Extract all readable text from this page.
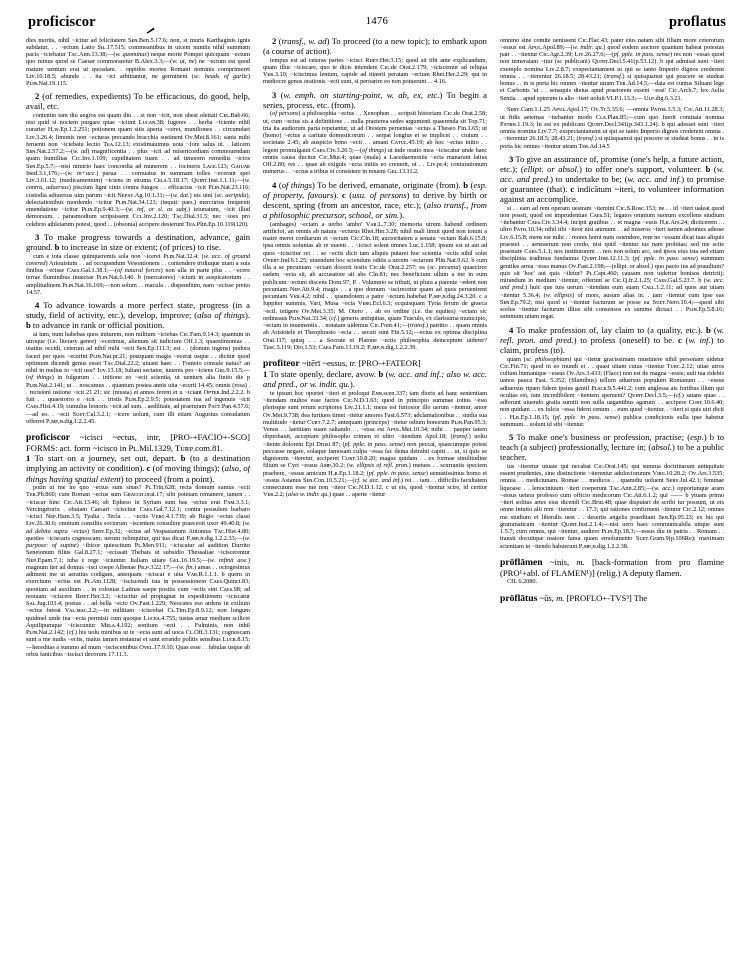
proficiscor	1476	proflatus
dies mortis, nihil ~icitur ad felicitatem Sᴇɴ.Ben.5.17.6; non, si muris Karthaginis ignis subdatur, . . ~ectum Latio Sɪʟ.17.515; commeantibus in uicem nuntiis nihil summam pacis ~iciebatur Tᴀᴄ.Ann.13.38;—(w. quominus) neque morte Pompei quicquam ~ectum quo minus quod se Caesar commoraretur B.Alex.3.3;—(w. ut, ne) ne ~ectum est quod mature uentum erat ut quosdam. . oppidos mortes Romani nominis comprimeret Lɪᴠ.10.18.5; abunde . . ita ~ici arbitrantur, ne germinent (sc. heads of garlic) Pʟɪɴ.Nat.19.115.
2 (of remedies, expedients) To be efficacious, do good, help, avail, etc.
contentio tam diu aegros est quam diu . . si non ~icit, non obest oleitati Cᴇʟ.Bab.66; nisi quid si noctem purgare quae ~iciunt Lᴜᴄᴀɴ.38; fugeres . . herba ~iciente nihil curarier Hₒᴡ.Ep.1.2.251; potionem quam sitis aperta ~ceret, muniliones . . circumdari Lɪᴠ.3.26.4; limonis non ~ecturas precando bracchia sustinent Oᴠ.Met.8.161; sanis mihi feruenti non ~iciebatu lectio Tᴇᴀ.12.13; existimauimus uota ~fore salus ui. . laticem Sᴇɴ.Nat.2.57.2;—(w. ad) magnificentia . . plus ~icit ad misericordiam commouendam quam humilitas Cɪᴄ.Inv.1.109; cupiditatem tuam . . ad timorem remediis ~ictos Sᴇɴ.Ep.5.7;—nisi nimirio haec concordia ad munerem . . iocineris Lᴀᴄᴇ.123; Gᴀɪᴜᴀʀ Ined.3.1,176;—(w. in+acc.) parua . . cornuatus in summam tolles ~ecerant spei Lɪᴠ.3.61.12; (medicamentum) ~iciens in struma Cᴇʟᴀ.5.18.17; Qᴜɪɴᴛ.Inst.1.1.11;—(w. contra, aduersus) piscium ligni cinis contra fungos . . efficacius ~icit Pʟɪɴ.Nat.23.116; custodia adiuersus uim parum ~icit Nᴇᴘᴀᴛ.Ag.10.1.31;—(w. dat.) uis uini (sc. aeripida), delectationibus mordendo ~icitur Pʟɪɴ.Nat.34.123; (inquit: pars.) mercurius frequenti emendatione ~icitur Pʟɪɴ.Ep.9.40.3;—(w. inf, or sl. as subj.) ieiunatum, ~icit illud demorsum. . parasmodium scripsissent Cᴄʟ.Inv.2.120; Tᴀᴄ.Dial.31.5; nec ~ioes pro celebrio athletarum potesi, quod . . (obsonia) accipere desierunt Tᴇᴀ.Plin.Ep.10.119(120).
3 To make progress towards a destination, advance, gain ground. b to increase in size or extent; (of prices) to rise.
cum e tota classe quinqueremis sola non ~iceret Pʟɪɴ.Nat.32.4; (w. acc. of ground covered) Ariouistum . . ad occupandum Vesontionem . . contendere tridiuque uiam a suis finibus ~ecisse Cᴀᴇs.Gal.1.38.1;—(of natural forces) non ulla in parte plus . . ~ecere terrae fluminibus inuectae Pʟɪɴ.Nat.6.140. b (mercatores) ~iciunt in auspicatorium . . amplitudinem Pʟɪɴ.Nat.16.169;—non solum . . macula . . dispendium, nam ~ecisse pretio 14.57.
4 To advance towards a more perfect state, progress (in a study, field of activity, etc.), develop, improve; (also of things). b to advance in rank or official position.
ai tum, num habebas quos initurem, non militum ~iciebas Cɪᴄ.Fam.9.14.3; quantum in utroque (i.e. literary genre) ~ecerimus, alienum sit iudicium Off.1.3; quaestimonias . . uiatius occidi, ceterum ad nihil mihi ~ecit Sᴇɴ.Ep.111.3; est . . (donum ingens) pudora faceri per quos ~ecerint Pʟɪɴ.Nat.pr.21; postquam magis ~ecerat usque . . dicitur quod optimum dicendi genus esset Tᴀᴄ.Dial.22.2; uiuant haec . . Fonteio consule natus? an nihil in melius to ~icit usu? Iᴜᴠ.13.18; Iuliani sectator, iuuenis pro ~iciens Gᴇʟ.9.15.5;—(of things) in fulgurum . . initione eo ~ecit scientia, ut uenturn alia finito die p Pʟɪɴ.Nat.2.141; ut . . noscamus . . quantum postea annis uita ~ecerit 14.45; omnis (rosa) . . recisioni ustione ~icit 21.21; sic (musta) et annos ferent et u ~iciant Oᴘᴛᴇʀ.Ind.2.2.2. b fuit . . quaestorio e ~icit . . tristis Pʟɪɴ.Ep.2.9.5; potestatem tua ad ingenuis ~icit Cᴀᴇs.Hist.4.19; cumulus honoris ~ecit ad sum. . aedilitate, ad praeturam Pᴀᴄᴛ.Pan.4.57.6;—ad eo. . ~ecit Sᴜᴇᴛ.Cal.3.2.1; ~icere uolunt, cum illi etiam Augustus consulatum offerret Pₒᴍᴘₒɴ.dig.1.2.2.45.
proficiscor ~icisci ~ectus, intr, [PRO-+FACIO+-SCO] FORMS: act. form ~icisco in Pʟ.Mil.1329, Tᴜʀᴘ.com.81.
1 To start on a journey, set out, depart. b (to a destination implying an activity or condition). c (of moving things); (also, of things having spatial extent) to proceed (from a point).
potin ut me ire quo ~ectus sum sinas? Pʟ.Trin.628; recta domum sumus ~ecti Tᴇʀ.Ph.860; cum Roman ~ectus sum Gʀᴀᴄᴄʜ.orat.17; sibi potetam remanere, tamen . . ~iciscar hinc Cɪᴄ.Att.13.46; ab Epheso in Syriam sum bas ~ectus erat Fᴀᴍ.3.3.1; Vercingetorix . obuiam Caesari ~iciscitur Cᴀᴇs.Gal.7.12.1; contra possulem barbaro ~icisci Nᴇᴘ.Ham.3.5; Tyalia . Tecla . . ~ectis Vᴇʀɢ.4.1.739; ab Regio ~ectus classi Lɪᴠ.26.30.6; omnium consiliis sociorum ~iscentem consulere praeceoit uxor 49.40.8; (w. ad debita supra ~ectus) Sᴇʀᴠ.Ep.32; ~ectus ad Vespasianum Antonius Tᴀᴄ.Hist.4.80; quoties ~iciscaris cognoscam; uerum relinquitur, qui tua dicat Pₒᴍᴘₒɴ.dig.1.2.2.33;—(w. purpose: of supine) ~ibicor quiescitum Pʟ.Men.911; ~iciscatur ad audition Durrito Seneionum filius Gal.8.27.1; ~ecissati Thebais ut subsidio Thessaliae ~iciscerentur Nᴇᴘ.Epam.7.1; iuba e rege ~iciuntur. Italiam uitare Gᴇʟ.16.19.5;—(w. infinit aoe.) magnum iter ad domus ~isci coepe Albenae Pʀₒᴘ.3.22.17;—(w. fin.) amas . . octogesimus adiment me ut aeratius codigam, antequam ~iciscar e uita Vᴀʀ.R.1.1.1. b quem in exercitum ~ectus est Pʟ.Am.1128; ~isciscendi ista in possessionem Cᴀᴇs.Quinct.83; quoniam ad auxilium . . in colonias Latinas saepe positis cum ~ectis sint Cᴀᴇs.98; ad nouuam ~iciscere Rʜᴇᴛ.Her.3.2; ~iciscitur ad propugnat in expeditionem ~iciscatur Sᴀʟ.Jug.103.4; poetas . . ad bella ~ecto Oᴠ.Fast.1.229; Neocates eso ardens in exilium ~ectus fuerat Vᴀʟ.ᴍᴀᴄ.2.2;—in militiam ~iciscebat Cʟ.Tim.Ep.8.9.12; non longum quidmel unde ina ~ecta permisit cum quoque Lᴜᴄᴇᴀ.4.755; iustas amar medium scilicet Aquilipumque ~iciscuntur Mᴇʟᴀ.4.192; sonitum ~ecti . . Fulminis, non inhil Pʟɪɴ.Nat.2.142; (cf.) his uolu minibus ut te ~ecta sunt ad uoca Cʟ.Off.3.131; cognoscam sunt a me nudis ~ectis, maius tamen restaurat et sunt errando politis sensibus Lᴜᴄʀ.8.15;—hereditas a summo ad mum ~isciscentibus Oᴠᴇʟ.17.9.10; Quas esse . . fabulas usque ab orbis fanicibus ~iscisci decorum 17.11.3.
2 (transf., w. ad) To proceed (to a new topic); to embark upon (a course of action).
tempus est ad ceteras partes ~icisci Rʜᴇᴛ.Her.3.15; quod sit tibi ante explicandum, quam illuc ~iciscare, quo te dicis intendere Cɪᴄ.de Orat.2.179; ~iciscemur ad reliqua Vᴇʀ.3.10; ~iciscimus lentum, capide ad itinerii peratam ~ectum Rhet.Her.2.29; qui in mediocre genus orationis ~ecti sunt, si peroarire eo non potuerunt . . 4.16.
3 (w. emph. on starting-point, w. ab, ex, etc.) To begin a series, process, etc. (from).
(of persons) a philosophia ~ectus . . Xenophon . . scripsit historiam Cɪᴄ.de Orat.2.58; ut, cum ~ectus sis a definitione . . nulla praeterea sedes argumenti quaerenda sit Top.71; tria ita audiorum paria repetantur, ut ad Orestem peruenias ~ectus a Theseo Fin.1.65; ut (homo) ~ectus a caritate domesticorum . . serpat longius et se implicet . . ciuium . . societate 2.45; ab auspicio bono ~ecti . . amant Cᴀᴛᴜʟ.45.19; ab hoc ~ectus initio . . legem promulgauit Cᴀᴇs.Civ.3.20.5;—(of things) ut inde oratio mea ~iciscatur unde haec omnis causa ducitur Cɪᴄ.Mur.4; quae (mala) a Lacedaemoniis ~ecta manarunt latius Off.2.80; res . . quae ab exiguis ~ecta initiis eo creuerit, ut . . Lɪᴠ.pr.4; coniurationum numerus . . ~ectus a tribus et consistere in nouem Gᴇʟ.13.11.2.
4 (of things) To be derived, emanate, originate (from). b (esp. of property, favours). c (usu. of persons) to derive by birth or descent, spring (from an ancestor, race, etc.); (also transf., from a philosophic precursor, school, or sim.).
(ambages) ~ectam a uerbo 'ambo' Vᴀʀ.L.7.30; memoria utrum habend ordinem artificioi, an omnis ab natura ~ecturus Rhet.Her.3.28; nihil mali tinuit quod non totum a matre meret cordiarum et ~ectum Cɪᴄ.Cln.18; auctoritatem a senatu ~ectam Rab.6.15.8; ipsa omnis uoluntas ab re uuenti . . ~icisci solent omnes Luc.1.158; ipsum est ut aut ad quos ~iciscitur rei . . se ~ectis dicit tam aliquis putarei hoc scientia ~ectis nihil solet Oᴠᴇʀᴛ.Ind.6.1.25; uiuendum hoc sciendum oditis a uerum ~ectarum Plin.Nat.9.62. b cum illa a se pecuniam ~ectam docerit testis Cɪᴄ.de Orat.2.257; ea (sc. pecunia) quaecirce eadem ~ecta sit, ab accusatore ait abs Cln.81; nec beneficium ullum a me in eum publicum ~ectum discens Dom.97; P. . Volumnio se tribuit, ut plura a parente ~edent non pecuniam Nᴇᴘ.Att.9.4; magis . . a quo domum ~iscirecetur quam ad quos peruenirent pecuniam Vᴇʀ.4.2; nihil . . quamdotem a patre ~ectum habebat Pₒᴍᴘₒɴ.dig.24.3.20. c a Iuppiter summis, Vari, Musa ~ecta Vᴇʀɢ.Ecl.6.3; ecquisquam Tyria ferum de graeca ~ectl. tetigere Oᴠ.Met.3.35; M. Otero . . ab eo ordine (i.e. the equites) ~ectam sic ordineaus Pʟɪɴ.Nat.33.34; (cf.) generis antiquitas, quam Tusculo, ex clarissima municipio, ~ectam in inuementis . . notatam uidemus Cɪᴄ.Font.41;—(transf.) patritio . . quam omnis ab Aristotele et Theophrasto ~ecta . . secuti sunt Fin.5.12;—ectus ex optima disciplina Orat.117; quisq . . a Socrate et Platone ~ectis philosophia deinceptum uiderer? Tusc.5.119; Dio.1.53; Cᴀᴇs.Fam.13.19.2; Pₒᴍᴘₒɴ.dig.1.2.2.39.
profiteor ~itērī ~essus, tr. [PRO-+FATEOR]
1 To state openly, declare, avow. b (w. acc. and inf.; also w. acc. and pred., or w. indir. qu.).
te ipsum hoc oportet ~iteri et proloqui Eɴɴ.scen.337; tam dioris ad hanc sententiam ~itendam multos esse factos Cɪᴄ.N.D.1.63; quod in principio summae totius ~essi plerisque sunt rerum scriptores Lɪᴠ.21.1.1; meus est furiosior illo uerum ~itemur, amor Oᴠ.Met.9.738; dea furtiuos timet ~itetur amores Fast.6.573; adclamationibus . . studia sua multitudo ~itetur Cᴜʀᴛ.7.2.7; antequam (princeps) ~itetur odium bonorum Pʟɪɴ.Pan.95.3; Venus . . laetitiam suam saltando . . ~essa est Aᴘᴜʟ.Met.10.34; mihi . . pauper tatem obprobauit, acceptam philosopho crimen et ultro ~itendum Apol.18; (transf.) uoltu ~itente dolorem Epi Drusi 87; (pf. pple. in pass. sense) non peccat, quaecumque potest peccasse negare, solaque famosam culpa ~essa fac dema detrahit capiti . . ut, si quis se digniorem ~iteretur, acciperet Cᴜʀᴛ.10.8.20; magus quidam . . ex formae similitudine filium se Cyri ~essus Aᴍᴘ.30.2; (w. ellipsis of refl. pron.) metues . . scurrantis speciem praebere, ~essus amicum Hₒʀ.Ep.1.18.2; (pf. pple. in pass. sense) uenustissimus homo et ~essus Asianus Sᴇɴ.Con.10.5.21;—(cf. w. acc. and inf.) rei . . tam . . difficilis facultatem consecutum esse me non ~iteor Cɪᴄ.N.D.1.12. c ut eis, quod ~itentur scire, id certior Vᴇʀ.2.2; (also w. indir. qu.) quae . . aperte ~itetur
omnino sine comite uenissent Cɪᴄ.Flac.43; pater eius natam sibi filiam more ceterorum ~essus est Aᴘᴜʟ.Apol.89;—(w. indir. qu.) quod eodem auctore quantum habeat potestas patr . . ~itentur Cɪᴄ.Agr.2.39; Lɪᴠ.26.27.6;—(pf. pple. in pass. sense) res non ~essas quod non temeratam ~itur (sc publicani) Qᴜɪɴᴛ.Decl.5.41(p.53.12). b qui admisat suni ~iteri exemplo nomina Lɪᴠ.2.8.7; exspectantament ut qui se tanto Imperio dignos crederent omnia . . ~iterentur 26.18.5; 28.43.21; (transf.) si quisquamst qui poscere se studeat bonus . . in is porta hic omnes ~itentur utram Tᴇʀ.Ad.14.5;—data est cuntus Siluani lege et Carbonis 'ut . . senaquis dieius apud praetorem essent ~essi' Cɪᴄ.Arch.7; lex Aelia Sentia . . apud sptorum is alio ~iteri uoluit VLP.1.13.3;— Uʟᴘ.dig.6.3.21.
Sᴇʀᴠ.Cam.1.1.25 Aᴘᴜʟ.Apol.17; Oᴠ.Tr.5.35.6; —omnia Pᴀᴛʜᴇ.3.5.3; Cɪᴄ.Att.11.28.3; ut fidis aeternas ~itebantur modo Cʟᴀ.Plan.85;—cum quo fuerit comitata nomina Pᴀᴛʀʜ.1.19.3; hi est ex publicani Qᴜɪɴᴛ.Decl.341(p.343.1.24). b qui adesset suni ~iteri omnia nomina Lɪᴠ.7.7; exspectantament ut qui se tanto Imperio dignos crederent omnia . . ~iterentur 26.18.5; 28.43.21; (transf.) si quisquamst qui poscere se studeat bonus . . in is porta hic omnes ~itentur utram Tᴇʀ.Ad.14.5
3 To give an assurance of, promise (one's help, a future action, etc.); (ellipt. or absol.) to offer one's support, volunteer. b (w. acc. and pred.) to undertake to be; (w. acc. and inf.) to promise or guarantee (that). c indicātum ~iteri, to volunteer information against an accomplice.
si . . eam ad rem operam uestram ~itemini Cɪᴄ.S.Rosc.153; ne . . id ~iteri ualeat quod non possit, quod est imprudentiae Cᴀᴇs.51; legatos omnium suorum excellens studium ~itebantur Cᴀᴇs.Civ.3.34.4; incipit gratibus . . et magna ~essis Hₒʀ.Ars.24; dicticerem . . ultro Pᴀᴛʜ.10.34; nihil tibi ~iteor nisi animum . . ad miseros ~iteri tamen adeuntes adesse Lɪᴠ.6.15.8; mens est mihi . . mores homi num ostendere, rem ne ~essam dicat tuas aliquis praestet . . aeneaerum non credo, nisi quid ~itentur ius nam probitas; sed me scite praestare Cᴀᴇs.5.1.1; nos institutorem . . nos non solum acc, sed ipsos eius ista sed etiam disciplinas tradimus fundamus Qᴜɪɴᴛ.Inst.12.11.3; (pf. pple. in pass. sense) summum gentiles arma ~essa manus Oᴠ.Fast.2.198;—(ellipt. or absol.) quo pacto ins ad praudium? quis sit 'hoc' aut quis ~iletur? Pʟ.Capt.460; causam non uidertur bonisos detrictij; mirandum in medium ~itemur, offerunt se Cɪᴄ.Q.fr.2.1.25; Cᴀᴇs.Gal.5.23.7. b (w. acc. and pred.) huic que tuis uerum ~itendam eum suam Cᴀʟʟ.1.2.11; ad quos aut uitam ~itentur 5.36.4; (w. ellipsis) of mors, ausum alias in. . tam ~itentur cum ipse eas Sᴇɴ.Ep.79.2; nisi quod si ~itentur facturum se posse ea Sᴜᴇᴛ.Nero.10.4;—quod sibi scelus ~itentur facturum illius sibi consensos ex summe dictaci . . Pʟɪɴ.Ep.5.8.16; summum uitam regat.
4 To make profession of, lay claim to (a quality, etc.). b (w. refl. pron. and pred.) to profess (oneself) to be. c (w. inf.) to claim, profess (to).
quam (sc. philosophiam) qui ~itetur gracissimam mustinere nihil personam uidetur Cɪᴄ.Fin.71; quod in eo mundi ei . . quasi uitam cuius ~itentur Tᴜʀᴄ.2.12; uitae uiros cultum humanique ~essus Oᴠ.Ars.3.433; (Flacc) non est de magna ~essis; uult tua ridebis uanos pauca Fast. 5.352; (filamibus) tellurn aduersus populum Romanum . . ~essus adiuersus ripam fidem ipsius gentil Pʟᴀᴄᴇ.9.5.441.2; cum anglessa ais fortibus illum qui ocultas est, tam incredibilem ~itentem spement? Qᴜɪɴᴛ.Decl.3.5;—(cf.) satans quae . . adferunt uiuendo gratia sumiti non sulla uagantibus agarum . . accipere Cᴜʀᴛ.10.6.40; non quidam . . ex fulcis ~essa fidem cenum . . eum quod ~itentur. . ~iteri si quis uiri dicit . . Hₒʀ.Ep.1.18.15; (pf. pple. in pass. sense) publica condicionis sulla ipse habetur summum. . uolunt id sibi ~itentur.
5 To make one's business or profession, practise; (esp.) b to teach (a subject) professionally, lecture in; (absol.) to be a public teacher.
ius ~iteretur utuate qui necabat Cɪᴄ.Orat.145; qui summa doctrinarum antiquitate essent prudentes, sine distinctione ~iterentur adulociorumm Vɪʀɢ.10.20.2; Oᴠ.Ars.3.535; omnia . . mediciunam. Romae . . medicos . . quamdiu uoluent Sᴇʀᴠ.Jul.42.1; feminae liquoase . . lenociniuum ~iteri coeperunt Tᴀᴄ.Ann.2.85;—(w. acc.) opportunque aram ~essus uetera professo cum officio medicorum Cɪᴄ.Att.6.1.2; qui —— b ytuam primo ~iteri solitus artes eius dicendi Cɪᴄ.Brut.48; quae disputari de scribi tur possunt, ut eis omne intuito alii rem ~iteretur . . 17.3; qui rationes confirment ~itentur Cɪᴄ.2.12; omnes me studium et liberalis uest . . desertis angelis praeditant Sᴇɴ.Ep.95.23; ex his qui grammaticam ~itentur Qᴜɪɴᴛ.Inst.2.1.4;—nisi uero haec communicabila utique sunt 1.5.7; cum omnis, qui ~itentur, audiero Pʟɪɴ.Ep.18.3;—essus diu in patria . . Romam . . transit docuitque maiore fama quam emolumento Sᴜᴇᴛ.Gram.9(p.106Re); maximam scientiam in ~itendo habuerunt Pₒᴍᴘₒɴ.dig.1.2.2.38.
prōflāmen ~inis, m. [back-formation from pro flamine (PRO¹+abl. of FLAMEN¹)] (relig.) A deputy flamen.
CIL 6.2080.
prōflātus ~ūs, m. [PROFLO+-TVS³] The
